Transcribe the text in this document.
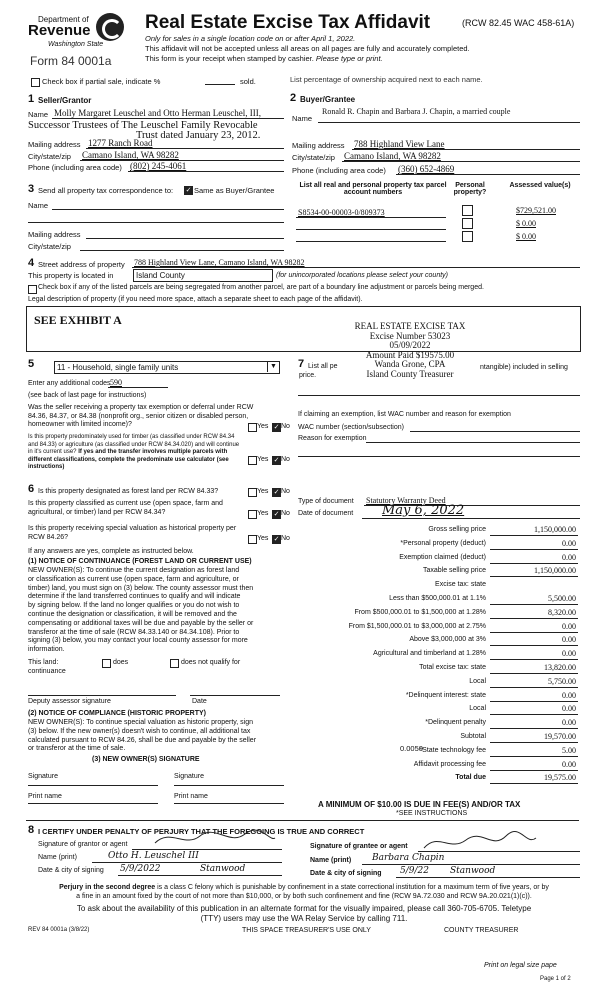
Department of
Revenue
Washington State
Form 84 0001a
Real Estate Excise Tax Affidavit	(RCW 82.45 WAC 458-61A)
Only for sales in a single location code on or after April 1, 2022.
This affidavit will not be accepted unless all areas on all pages are fully and accurately completed.
This form is your receipt when stamped by cashier. Please type or print.
Check box if partial sale, indicate %	sold.	List percentage of ownership acquired next to each name.
1 Seller/Grantor
Name Molly Margaret Leuschel and Otto Herman Leuschel, III,
Successor Trustees of The Leuschel Family Revocable
Trust dated January 23, 2012.
Mailing address 1277 Ranch Road
City/state/zip Camano Island, WA 98282
Phone (including area code) (802) 245-4061
2 Buyer/Grantee
Ronald R. Chapin and Barbara J. Chapin, a married couple
Name
Mailing address 788 Highland View Lane
City/state/zip Camano Island, WA 98282
Phone (including area code) (360) 652-4869
3 Send all property tax correspondence to: ✓ Same as Buyer/Grantee
Name
Mailing address
City/state/zip
List all real and personal property tax parcel account numbers
Personal property?
Assessed value(s)
S8534-00-00003-0/809373	$729,521.00
$ 0.00
$ 0.00
4 Street address of property 788 Highland View Lane, Camano Island, WA 98282
This property is located in	Island County	(for unincorporated locations please select your county)
Check box if any of the listed parcels are being segregated from another parcel, are part of a boundary line adjustment or parcels being merged.
Legal description of property (if you need more space, attach a separate sheet to each page of the affidavit).
SEE EXHIBIT A	REAL ESTATE EXCISE TAX
Excise Number 53023
05/09/2022
Amount Paid $19575.00
Wanda Grone, CPA
Island County Treasurer
5	11 - Household, single family units	▼
Enter any additional codes 590
(see back of last page for instructions)
Was the seller receiving a property tax exemption or deferral under RCW 84.36, 84.37, or 84.38 (nonprofit org., senior citizen or disabled person, homeowner with limited income)?	Yes ✓ No
Is this property predominately used for timber (as classified under RCW 84.34 and 84.33) or agriculture (as classified under RCW 84.34.020) and will continue in it's current use? If yes and the transfer involves multiple parcels with different classifications, complete the predominate use calculator (see instructions)
Yes ✓ No
7 List all pe
price.
ntangible) included in selling
If claiming an exemption, list WAC number and reason for exemption
WAC number (section/subsection)
Reason for exemption
6 Is this property designated as forest land per RCW 84.33?	Yes ✓ No
Is this property classified as current use (open space, farm and agricultural, or timber) land per RCW 84.34?	Yes ✓ No
Is this property receiving special valuation as historical property per RCW 84.26?	Yes ✓ No
If any answers are yes, complete as instructed below.
(1) NOTICE OF CONTINUANCE (FOREST LAND OR CURRENT USE)
NEW OWNER(S): To continue the current designation as forest land
or classification as current use (open space, farm and agriculture, or
timber) land, you must sign on (3) below. The county assessor must then
determine if the land transferred continues to qualify and will indicate
by signing below. If the land no longer qualifies or you do not wish to
continue the designation or classification, it will be removed and the
compensating or additional taxes will be due and payable by the seller or
transferor at the time of sale (RCW 84.33.140 or 84.34.108). Prior to
signing (3) below, you may contact your local county assessor for more
information.
This land:	does	does not qualify for
continuance
Deputy assessor signature	Date
(2) NOTICE OF COMPLIANCE (HISTORIC PROPERTY)
NEW OWNER(S): To continue special valuation as historic property, sign
(3) below. If the new owner(s) doesn't wish to continue, all additional tax
calculated pursuant to RCW 84.26, shall be due and payable by the seller
or transferor at the time of sale.
(3) NEW OWNER(S) SIGNATURE
Signature	Signature
Print name	Print name
Type of document Statutory Warranty Deed
Date of document May 6, 2022
Gross selling price	1,150,000.00
*Personal property (deduct)	0.00
Exemption claimed (deduct)	0.00
Taxable selling price	1,150,000.00
Excise tax: state
Less than $500,000.01 at 1.1%	5,500.00
From $500,000.01 to $1,500,000 at 1.28%	8,320.00
From $1,500,000.01 to $3,000,000 at 2.75%	0.00
Above $3,000,000 at 3%	0.00
Agricultural and timberland at 1.28%	0.00
Total excise tax: state	13,820.00
Local	5,750.00
*Delinquent interest: state	0.00
Local	0.00
*Delinquent penalty	0.00
Subtotal	19,570.00
*State technology fee	5.00
Affidavit processing fee	0.00
Total due	19,575.00
0.0050
A MINIMUM OF $10.00 IS DUE IN FEE(S) AND/OR TAX
*SEE INSTRUCTIONS
8 I CERTIFY UNDER PENALTY OF PERJURY THAT THE FOREGOING IS TRUE AND CORRECT
Signature of grantor or agent
Name (print)	Otto H. Leuschel III
Date & city of signing 5/9/2022	Stanwood
Signature of grantee or agent
Name (print) Barbara Chapin
Date & city of signing 5/9/22 Stanwood
Perjury in the second degree is a class C felony which is punishable by confinement in a state correctional institution for a maximum term of five years, or by
a fine in an amount fixed by the court of not more than $10,000, or by both such confinement and fine (RCW 9A.72.030 and RCW 9A.20.021(1)(c)).
To ask about the availability of this publication in an alternate format for the visually impaired, please call 360-705-6705. Teletype
(TTY) users may use the WA Relay Service by calling 711.
REV 84 0001a (3/8/22)	THIS SPACE TREASURER'S USE ONLY	COUNTY TREASURER
Print on legal size pape
Page 1 of 2
